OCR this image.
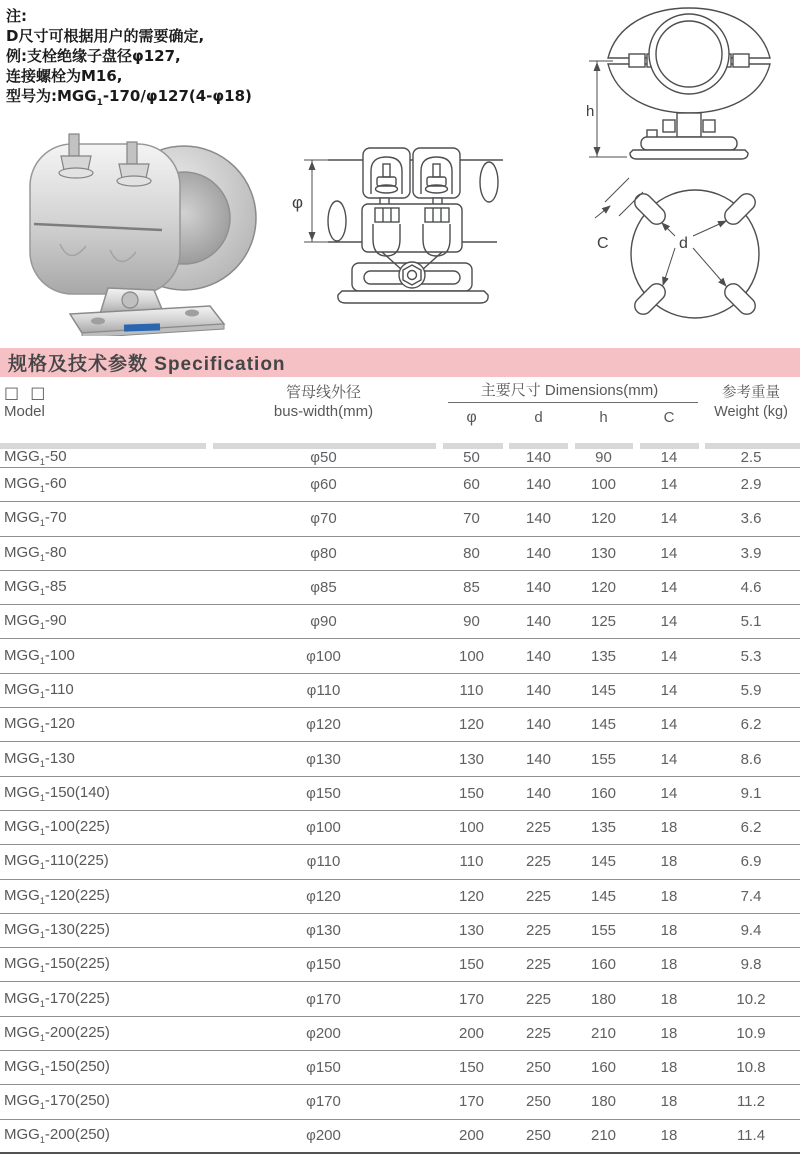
注:
D尺寸可根据用户的需要确定,
例:支栓绝缘子盘径φ127,
连接螺栓为M16,
型号为$:MGG_1-170/\varphi 127(4-\varphi 18)$
φ
h
d
C
规格及技术参数 Specification
□ □
Model
管母线外径
bus-width(mm)
主要尺寸 Dimensions(mm)
φ	d	h	C
参考重量
Weight (kg)
$MGG_1-50$	φ50	50	140	90	14	2.5
$MGG_1-60$	φ60	60	140	100	14	2.9
$MGG_1-70$	φ70	70	140	120	14	3.6
$MGG_1-80$	φ80	80	140	130	14	3.9
$MGG_1-85$	φ85	85	140	120	14	4.6
$MGG_1-90$	φ90	90	140	125	14	5.1
$MGG_1-100$	φ100	100	140	135	14	5.3
$MGG_1-110$	φ110	110	140	145	14	5.9
$MGG_1-120$	φ120	120	140	145	14	6.2
$MGG_1-130$	φ130	130	140	155	14	8.6
$MGG_1-150(140)$	φ150	150	140	160	14	9.1
$MGG_1-100(225)$	φ100	100	225	135	18	6.2
$MGG_1-110(225)$	φ110	110	225	145	18	6.9
$MGG_1-120(225)$	φ120	120	225	145	18	7.4
$MGG_1-130(225)$	φ130	130	225	155	18	9.4
$MGG_1-150(225)$	φ150	150	225	160	18	9.8
$MGG_1-170(225)$	φ170	170	225	180	18	10.2
$MGG_1-200(225)$	φ200	200	225	210	18	10.9
$MGG_1-150(250)$	φ150	150	250	160	18	10.8
$MGG_1-170(250)$	φ170	170	250	180	18	11.2
$MGG_1-200(250)$	φ200	200	250	210	18	11.4
